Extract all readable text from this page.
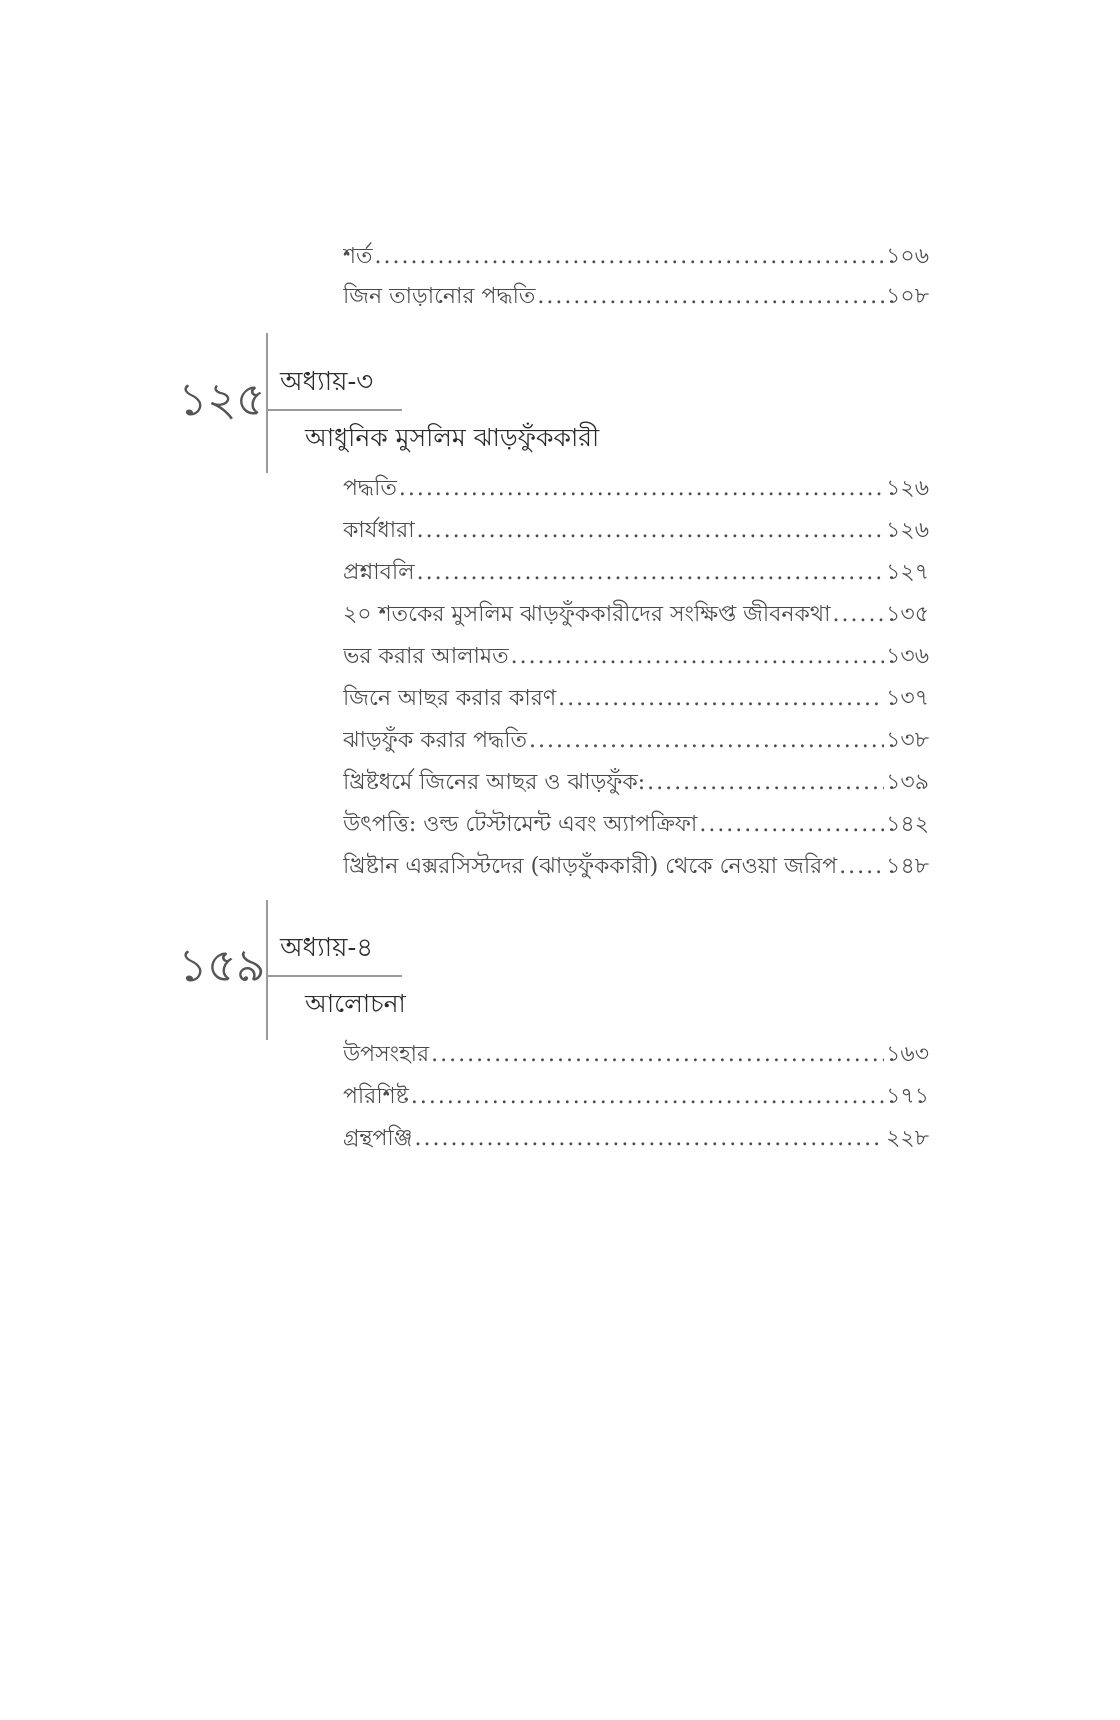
শর্ত .....	১০৬
জিন তাড়ানোর পদ্ধতি .....	১০৮
১২৫ অধ্যায়-৩
আধুনিক মুসলিম ঝাড়ফুঁককারী
পদ্ধতি .....	১২৬
কার্যধারা .....	১২৬
প্রশ্নাবলি .....	১২৭
২০ শতকের মুসলিম ঝাড়ফুঁককারীদের সংক্ষিপ্ত জীবনকথা .....	১৩৫
ভর করার আলামত .....	১৩৬
জিনে আছর করার কারণ .....	১৩৭
ঝাড়ফুঁক করার পদ্ধতি .....	১৩৮
খ্রিষ্টধর্মে জিনের আছর ও ঝাড়ফুঁক: .....	১৩৯
উৎপত্তি: ওল্ড টেস্টামেন্ট এবং অ্যাপক্রিফা .....	১৪২
খ্রিষ্টান এক্সরসিস্টদের (ঝাড়ফুঁককারী) থেকে নেওয়া জরিপ ..... ১৪৮
১৫৯ অধ্যায়-৪
আলোচনা
উপসংহার .....	১৬৩
পরিশিষ্ট .....	১৭১
গ্রন্থপঞ্জি .....	২২৮
